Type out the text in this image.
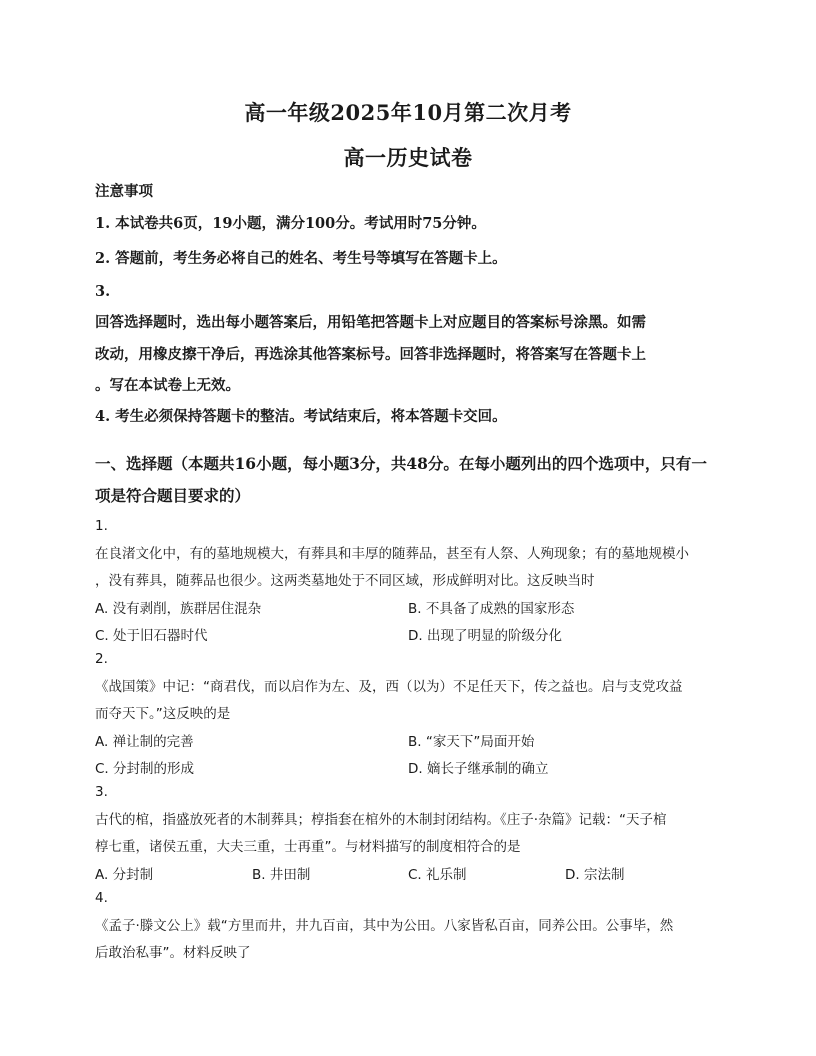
高一年级2025年10月第二次月考
高一历史试卷
注意事项
1. 本试卷共6页，19小题，满分100分。考试用时75分钟。
2. 答题前，考生务必将自己的姓名、考生号等填写在答题卡上。
3.
回答选择题时，选出每小题答案后，用铅笔把答题卡上对应题目的答案标号涂黑。如需
改动，用橡皮擦干净后，再选涂其他答案标号。回答非选择题时，将答案写在答题卡上
。写在本试卷上无效。
4. 考生必须保持答题卡的整洁。考试结束后，将本答题卡交回。
一、选择题（本题共16小题，每小题3分，共48分。在每小题列出的四个选项中，只有一
项是符合题目要求的）
1.
在良渚文化中，有的墓地规模大，有葬具和丰厚的随葬品，甚至有人祭、人殉现象；有的墓地规模小
，没有葬具，随葬品也很少。这两类墓地处于不同区域，形成鲜明对比。这反映当时
A. 没有剥削，族群居住混杂	B. 不具备了成熟的国家形态
C. 处于旧石器时代	D. 出现了明显的阶级分化
2.
《战国策》中记：“商君伐，而以启作为左、及，西（以为）不足任天下，传之益也。启与支党攻益
而夺天下。”这反映的是
A. 禅让制的完善	B. “家天下”局面开始
C. 分封制的形成	D. 嫡长子继承制的确立
3.
古代的棺，指盛放死者的木制葬具；椁指套在棺外的木制封闭结构。《庄子·杂篇》记载：“天子棺
椁七重，诸侯五重，大夫三重，士再重”。与材料描写的制度相符合的是
A. 分封制	B. 井田制	C. 礼乐制	D. 宗法制
4.
《孟子·滕文公上》载“方里而井，井九百亩，其中为公田。八家皆私百亩，同养公田。公事毕，然
后敢治私事”。材料反映了
